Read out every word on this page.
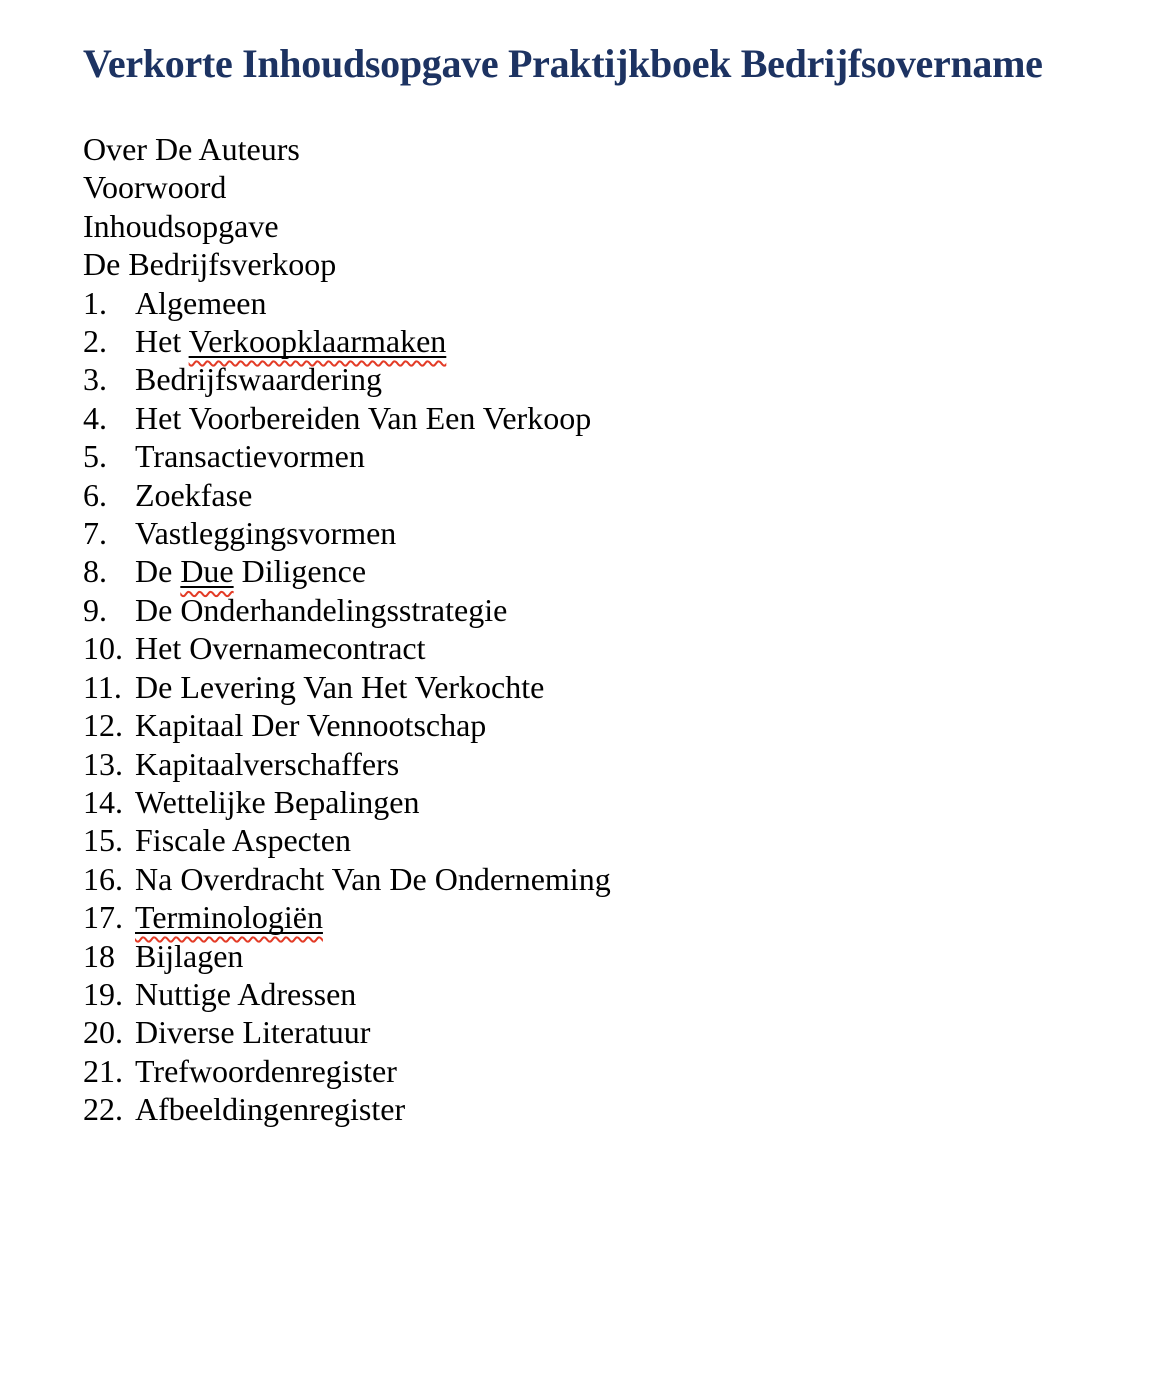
Verkorte Inhoudsopgave Praktijkboek Bedrijfsovername
Over De Auteurs
Voorwoord
Inhoudsopgave
De Bedrijfsverkoop
1. Algemeen
2. Het Verkoopklaarmaken
3. Bedrijfswaardering
4. Het Voorbereiden Van Een Verkoop
5. Transactievormen
6. Zoekfase
7. Vastleggingsvormen
8. De Due Diligence
9. De Onderhandelingsstrategie
10. Het Overnamecontract
11. De Levering Van Het Verkochte
12. Kapitaal Der Vennootschap
13. Kapitaalverschaffers
14. Wettelijke Bepalingen
15. Fiscale Aspecten
16. Na Overdracht Van De Onderneming
17. Terminologiën
18 Bijlagen
19. Nuttige Adressen
20. Diverse Literatuur
21. Trefwoordenregister
22. Afbeeldingenregister
